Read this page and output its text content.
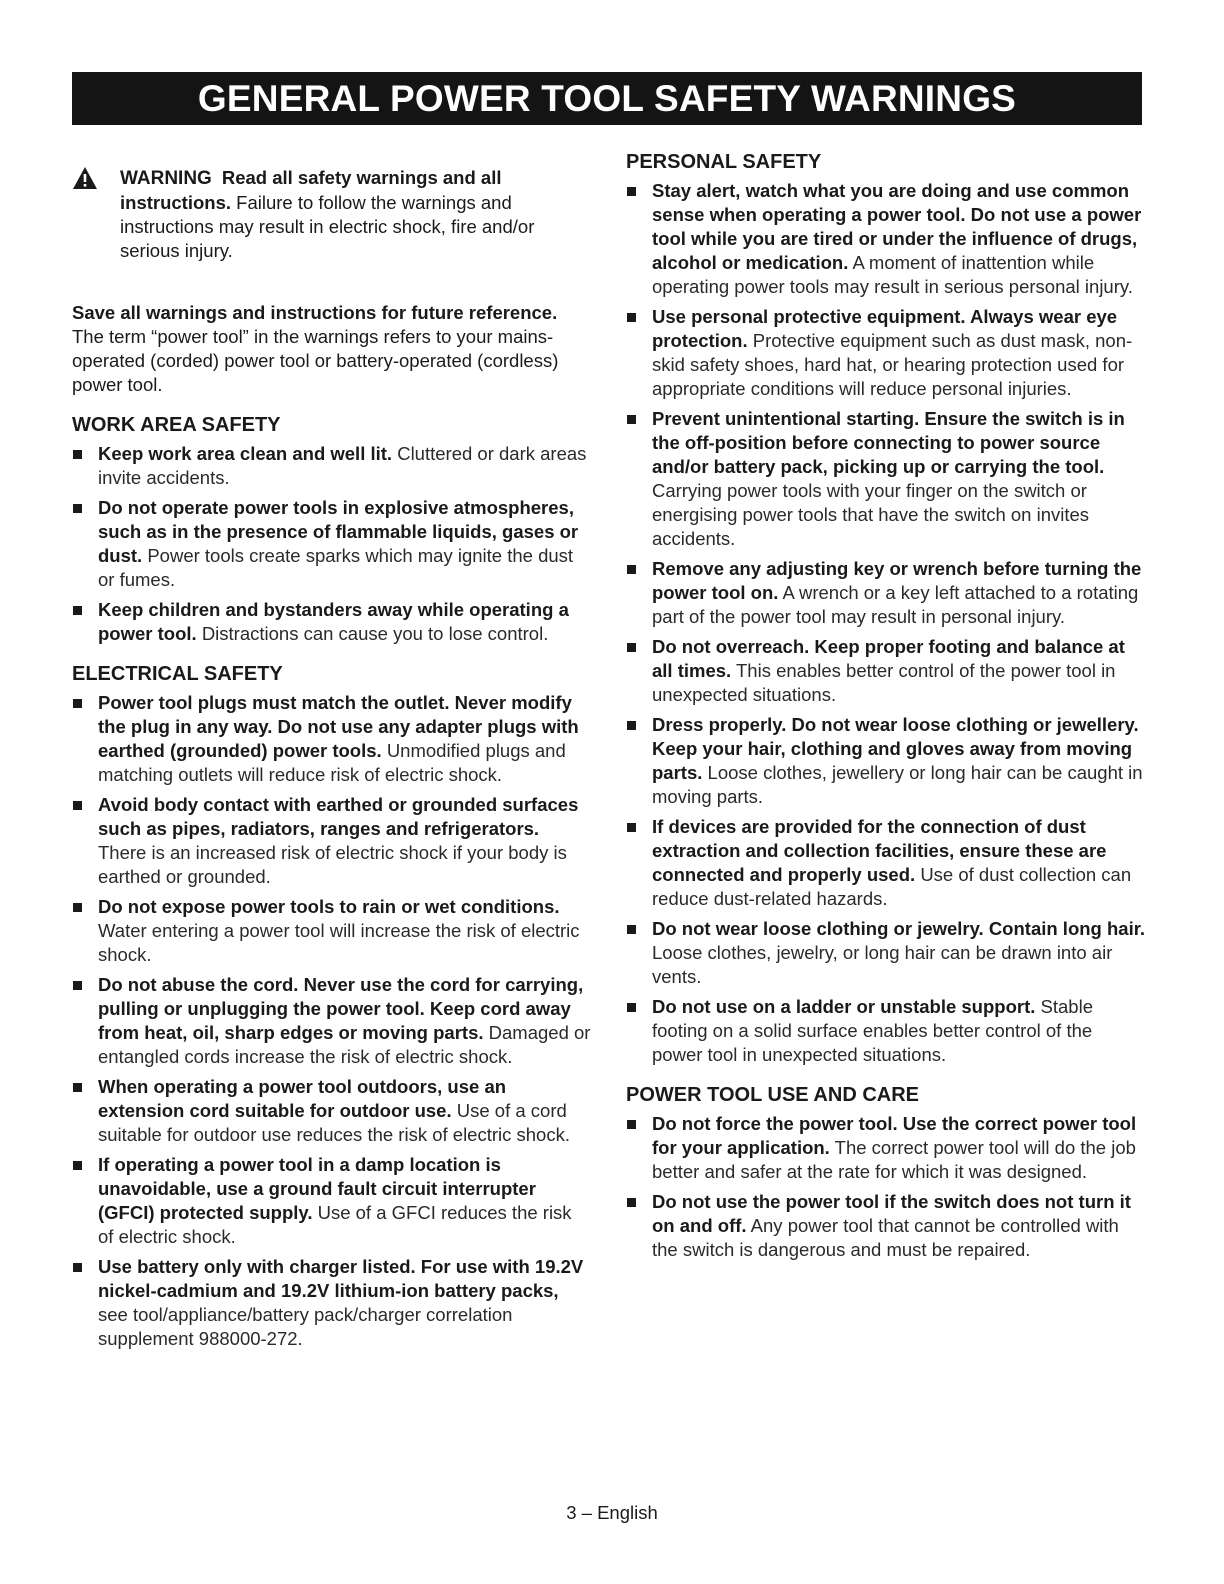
GENERAL POWER TOOL SAFETY WARNINGS
WARNING Read all safety warnings and all instructions. Failure to follow the warnings and instructions may result in electric shock, fire and/or serious injury.

Save all warnings and instructions for future reference.
The term “power tool” in the warnings refers to your mains-operated (corded) power tool or battery-operated (cordless) power tool.

WORK AREA SAFETY
Keep work area clean and well lit. Cluttered or dark areas invite accidents.
Do not operate power tools in explosive atmospheres, such as in the presence of flammable liquids, gases or dust. Power tools create sparks which may ignite the dust or fumes.
Keep children and bystanders away while operating a power tool. Distractions can cause you to lose control.
ELECTRICAL SAFETY
Power tool plugs must match the outlet. Never modify the plug in any way. Do not use any adapter plugs with earthed (grounded) power tools. Unmodified plugs and matching outlets will reduce risk of electric shock.
Avoid body contact with earthed or grounded surfaces such as pipes, radiators, ranges and refrigerators. There is an increased risk of electric shock if your body is earthed or grounded.
Do not expose power tools to rain or wet conditions. Water entering a power tool will increase the risk of electric shock.
Do not abuse the cord. Never use the cord for carrying, pulling or unplugging the power tool. Keep cord away from heat, oil, sharp edges or moving parts. Damaged or entangled cords increase the risk of electric shock.
When operating a power tool outdoors, use an extension cord suitable for outdoor use. Use of a cord suitable for outdoor use reduces the risk of electric shock.
If operating a power tool in a damp location is unavoidable, use a ground fault circuit interrupter (GFCI) protected supply. Use of a GFCI reduces the risk of electric shock.
Use battery only with charger listed. For use with 19.2V nickel-cadmium and 19.2V lithium-ion battery packs, see tool/appliance/battery pack/charger correlation supplement 988000-272.
PERSONAL SAFETY
Stay alert, watch what you are doing and use common sense when operating a power tool. Do not use a power tool while you are tired or under the influence of drugs, alcohol or medication. A moment of inattention while operating power tools may result in serious personal injury.
Use personal protective equipment. Always wear eye protection. Protective equipment such as dust mask, non-skid safety shoes, hard hat, or hearing protection used for appropriate conditions will reduce personal injuries.
Prevent unintentional starting. Ensure the switch is in the off-position before connecting to power source and/or battery pack, picking up or carrying the tool. Carrying power tools with your finger on the switch or energising power tools that have the switch on invites accidents.
Remove any adjusting key or wrench before turning the power tool on. A wrench or a key left attached to a rotating part of the power tool may result in personal injury.
Do not overreach. Keep proper footing and balance at all times. This enables better control of the power tool in unexpected situations.
Dress properly. Do not wear loose clothing or jewellery. Keep your hair, clothing and gloves away from moving parts. Loose clothes, jewellery or long hair can be caught in moving parts.
If devices are provided for the connection of dust extraction and collection facilities, ensure these are connected and properly used. Use of dust collection can reduce dust-related hazards.
Do not wear loose clothing or jewelry. Contain long hair. Loose clothes, jewelry, or long hair can be drawn into air vents.
Do not use on a ladder or unstable support. Stable footing on a solid surface enables better control of the power tool in unexpected situations.
POWER TOOL USE AND CARE
Do not force the power tool. Use the correct power tool for your application. The correct power tool will do the job better and safer at the rate for which it was designed.
Do not use the power tool if the switch does not turn it on and off. Any power tool that cannot be controlled with the switch is dangerous and must be repaired.
3 – English
